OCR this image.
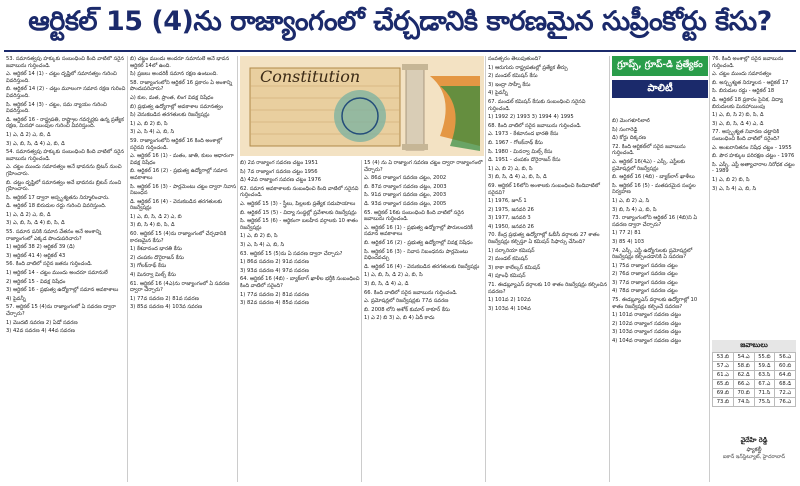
ఆర్టికల్ 15 (4)ను రాజ్యాంగంలో చేర్చడానికి కారణమైన సుప్రీంకోర్టు కేసు?

53. సమానత్వపు హక్కుకు సంబంధించి కింది వాటిలో సరైన జవాబును గుర్తించండి.

ఎ. ఆర్టికల్ 14 (1) - చట్టం దృష్టిలో సమానత్వం గురించి వివరిస్తుంది.

బి. ఆర్టికల్ 14 (2) - చట్టం మూలంగా సమాన రక్షణ గురించి వివరిస్తుంది.

సి. ఆర్టికల్ 14 (3) - చట్టం, సమ న్యాయం గురించి వివరిస్తుంది.

డి. ఆర్టికల్ 16 - రాష్ట్రపతి, రాష్ట్రాల గవర్నర్లకు ఉన్న ప్రత్యేక రక్షణ, మినహా యింపుల గురించి వివరిస్తుంది.

1) ఎ, డి 2) ఎ, బి, డి

3) ఎ, బి, సి, డి 4) ఎ, బి, డి

54. సమానత్వపు హక్కుకు సంబంధించి కింది వాటిలో సరైన జవాబును గుర్తించండి.

ఎ. చట్టం ముందు సమానత్వం అనే భావనను బ్రిటన్ నుంచి గ్రహించారు.

బి. చట్టం దృష్టిలో సమానత్వం అనే భావనను బ్రిటన్ నుంచి గ్రహించారు.

సి. ఆర్టికల్ 17 ద్వారా అస్పృశ్యతను నిర్మూలించారు.

డి. ఆర్టికల్ 18 బిరుదుల రద్దు గురించి వివరిస్తుంది.

1) ఎ, డి 2) ఎ, బి, డి

3) ఎ, బి, సి, డి 4) బి, సి, డి

55. సమాన పనికి సమాన వేతనం అనే అంశాన్ని రాజ్యాంగంలో ఎక్కడ పొందుపరిచారు?

1) ఆర్టికల్ 38 2) ఆర్టికల్ 39 (డి)

3) ఆర్టికల్ 41 4) ఆర్టికల్ 43

56. కింది వాటిలో సరైన జతను గుర్తించండి.

1) ఆర్టికల్ 14 - చట్టం ముందు అందరూ సమానులే

2) ఆర్టికల్ 15 - వివక్ష నిషేధం

3) ఆర్టికల్ 16 - ప్రభుత్వ ఉద్యోగాల్లో సమాన అవకాశాలు

4) పైవన్నీ

57. ఆర్టికల్ 15 (4)ను రాజ్యాంగంలో ఏ సవరణ ద్వారా చేర్చారు?

1) మొదటి సవరణ 2) ఏడో సవరణ

3) 42వ సవరణ 4) 44వ సవరణ

బి) చట్టం ముందు అందరూ సమానులే అనే భావన ఆర్టికల్ 14లో ఉంది.

సి) ప్రజలు అందరికీ సమాన రక్షణ ఉంటుంది.

58. రాజ్యాంగంలోని ఆర్టికల్ 16 ప్రకారం ఏ అంశాన్ని పొందుపరిచారు?

ఎ) కుల, మత, ప్రాంత, లింగ వివక్ష నిషేధం

బి) ప్రభుత్వ ఉద్యోగాల్లో అవకాశాల సమానత్వం

సి) వెనుకబడిన తరగతులకు రిజర్వేషన్లు

1) ఎ, బి 2) బి, సి

3) ఎ, సి 4) ఎ, బి, సి

59. రాజ్యాంగంలోని ఆర్టికల్ 16 కింది అంశాల్లో సరైనవి గుర్తించండి.

ఎ. ఆర్టికల్ 16 (1) - మతం, జాతి, కులం ఆధారంగా వివక్ష నిషేధం

బి. ఆర్టికల్ 16 (2) - ప్రభుత్వ ఉద్యోగాల్లో సమాన అవకాశాలు

సి. ఆర్టికల్ 16 (3) - పార్లమెంటు చట్టం ద్వారా నివాస నిబంధన

డి. ఆర్టికల్ 16 (4) - వెనుకబడిన తరగతులకు రిజర్వేషన్లు

1) ఎ, బి, సి, డి 2) ఎ, బి

3) బి, సి 4) బి, సి, డి

60. ఆర్టికల్ 15 (4)ను రాజ్యాంగంలో చేర్చడానికి కారణమైన కేసు?

1) కేశవానంద భారతి కేసు

2) చంపకం దొరైరాజన్ కేసు

3) గోలక్‌నాథ్ కేసు

4) మినర్వా మిల్స్ కేసు

61. ఆర్టికల్ 16 (4ఎ)ను రాజ్యాంగంలో ఏ సవరణ ద్వారా చేర్చారు?

1) 77వ సవరణ 2) 81వ సవరణ

3) 85వ సవరణ 4) 103వ సవరణ

Constitution

బి) 2వ రాజ్యాంగ సవరణ చట్టం 1951

సి) 7వ రాజ్యాంగ సవరణ చట్టం 1956

డి) 42వ రాజ్యాంగ సవరణ చట్టం 1976

62. సమాన అవకాశాలకు సంబంధించి కింది వాటిలో సరైనవి గుర్తించండి.

ఎ. ఆర్టికల్ 15 (3) - స్త్రీలు, పిల్లలకు ప్రత్యేక సదుపాయాలు

బి. ఆర్టికల్ 15 (5) - విద్యా సంస్థల్లో ప్రవేశాలకు రిజర్వేషన్లు

సి. ఆర్టికల్ 15 (6) - ఆర్థికంగా బలహీన వర్గాలకు 10 శాతం రిజర్వేషన్లు

1) ఎ, బి 2) బి, సి

3) ఎ, సి 4) ఎ, బి, సి

63. ఆర్టికల్ 15 (5)ను ఏ సవరణ ద్వారా చేర్చారు?

1) 86వ సవరణ 2) 91వ సవరణ

3) 93వ సవరణ 4) 97వ సవరణ

64. ఆర్టికల్ 16 (4బి) - బ్యాక్‌లాగ్ ఖాళీల భర్తీకి సంబంధించి కింది వాటిలో సరైంది?

1) 77వ సవరణ 2) 81వ సవరణ

3) 82వ సవరణ 4) 85వ సవరణ

15 (4) ను ఏ రాజ్యాంగ సవరణ చట్టం ద్వారా రాజ్యాంగంలో చేర్చారు?

ఎ. 86వ రాజ్యాంగ సవరణ చట్టం, 2002

బి. 87వ రాజ్యాంగ సవరణ చట్టం, 2003

సి. 91వ రాజ్యాంగ సవరణ చట్టం, 2003

డి. 93వ రాజ్యాంగ సవరణ చట్టం, 2005

65. ఆర్టికల్ 16కు సంబంధించి కింది వాటిలో సరైన జవాబును గుర్తించండి.

ఎ. ఆర్టికల్ 16 (1) - ప్రభుత్వ ఉద్యోగాల్లో పౌరులందరికీ సమాన అవకాశాలు

బి. ఆర్టికల్ 16 (2) - ప్రభుత్వ ఉద్యోగాల్లో వివక్ష నిషేధం

సి. ఆర్టికల్ 16 (3) - నివాస నిబంధనను పార్లమెంటు విధించవచ్చు

డి. ఆర్టికల్ 16 (4) - వెనుకబడిన తరగతులకు రిజర్వేషన్లు

1) ఎ, బి, సి, డి 2) ఎ, బి, సి

3) బి, సి, డి 4) ఎ, డి

66. కింది వాటిలో సరైన జవాబును గుర్తించండి.

ఎ. ప్రమోషన్లలో రిజర్వేషన్లకు 77వ సవరణ

బి. 2008 లోని అశోక్ కుమార్ ఠాకూర్ కేసు

1) ఎ 2) బి 3) ఎ, బి 4) ఏదీ కాదు

సంవత్సరం తెలుపుతుంది?

1) ఆరుగురు రాష్ట్రపతుల్లో ప్రత్యేక తీర్పు

2) మండల్ కమిషన్ కేసు

3) ఇంద్రా సాహ్నీ కేసు

4) పైవన్నీ

67. మండల్ కమిషన్ కేసుకు సంబంధించి సరైనవి గుర్తించండి.

1) 1992 2) 1993 3) 1994 4) 1995

68. కింది వాటిలో సరైన జవాబును గుర్తించండి.

ఎ. 1973 - కేశవానంద భారతి కేసు

బి. 1967 - గోలక్‌నాథ్ కేసు

సి. 1980 - మినర్వా మిల్స్ కేసు

డి. 1951 - చంపకం దొరైరాజన్ కేసు

1) ఎ, బి 2) ఎ, బి, సి

3) బి, సి, డి 4) ఎ, బి, సి, డి

69. ఆర్టికల్ 16లోని అంశాలకు సంబంధించి కిందివాటిలో సరైనవి?

1) 1976, జూన్ 1

2) 1975, జనవరి 26

3) 1977, జనవరి 3

4) 1950, జనవరి 26

70. కేంద్ర ప్రభుత్వ ఉద్యోగాల్లో ఓబీసీ వర్గాలకు 27 శాతం రిజర్వేషన్లు కల్పిస్తూ ఏ కమిషన్ సిఫార్సు చేసింది?

1) సర్కారియా కమిషన్

2) మండల్ కమిషన్

3) కాకా కాలేల్కర్ కమిషన్

4) పూంఛీ కమిషన్

71. ఈడబ్ల్యూఎస్ వర్గాలకు 10 శాతం రిజర్వేషన్లు కల్పించిన సవరణ?

1) 101వ 2) 102వ

3) 103వ 4) 104వ

గ్రూప్స్, గ్రూప్-డి ప్రత్యేకం
పాలిటీ

బి) మెంగళూర్‌లాల్

సి) సంగారెడ్డి

డి) కోర్టు దిక్కరణ

72. కింది ఆర్టికల్‌లో సరైన జవాబును గుర్తించండి.

ఎ. ఆర్టికల్ 16(4ఎ) - ఎస్సీ, ఎస్టీలకు ప్రమోషన్లలో రిజర్వేషన్లు

బి. ఆర్టికల్ 16 (4బి) - బ్యాక్‌లాగ్ ఖాళీలు

సి. ఆర్టికల్ 16 (5) - మతపరమైన సంస్థల నిర్వహణ

1) ఎ, బి 2) ఎ, సి

3) బి, సి 4) ఎ, బి, సి

73. రాజ్యాంగంలోని ఆర్టికల్ 16 (4బి)ని ఏ సవరణ ద్వారా చేర్చారు?

1) 77 2) 81

3) 85 4) 103

74. ఎస్సీ, ఎస్టీ ఉద్యోగులకు ప్రమోషన్లలో రిజర్వేషన్లు కల్పించడానికి ఏ సవరణ?

1) 75వ రాజ్యాంగ సవరణ చట్టం

2) 76వ రాజ్యాంగ సవరణ చట్టం

3) 77వ రాజ్యాంగ సవరణ చట్టం

4) 78వ రాజ్యాంగ సవరణ చట్టం

75. ఈడబ్ల్యూఎస్ వర్గాలకు ఉద్యోగాల్లో 10 శాతం రిజర్వేషన్లు కల్పించే సవరణ?

1) 101వ రాజ్యాంగ సవరణ చట్టం

2) 102వ రాజ్యాంగ సవరణ చట్టం

3) 103వ రాజ్యాంగ సవరణ చట్టం

4) 104వ రాజ్యాంగ సవరణ చట్టం

76. కింది అంశాల్లో సరైన జవాబును గుర్తించండి.

ఎ. చట్టం ముందు సమానత్వం

బి. అస్పృశ్యత నిర్మూలన - ఆర్టికల్ 17

సి. బిరుదుల రద్దు - ఆర్టికల్ 18

డి. ఆర్టికల్ 18 ప్రకారం సైనిక, విద్యా బిరుదులకు మినహాయింపు

1) ఎ, బి, సి 2) బి, సి, డి

3) ఎ, బి, సి, డి 4) ఎ, డి

77. అస్పృశ్యత నివారణ చట్టానికి సంబంధించి కింది వాటిలో సరైంది?

ఎ. అంటరానితనం నిషేధ చట్టం - 1955

బి. పౌర హక్కుల పరిరక్షణ చట్టం - 1976

సి. ఎస్సీ, ఎస్టీ అత్యాచారాల నిరోధక చట్టం - 1989

1) ఎ, బి 2) బి, సి

3) ఎ, సి 4) ఎ, బి, సి

జవాబులు
53.బి	54.ఎ	55.బి	56.ఎ
57.ఎ	58.బి	59.డి	60.బి
61.ఎ	62.డి	63.సి	64.బి
65.బి	66.ఎ	67.ఎ	68.డి
69.బి	70.బి	71.సి	72.ఎ
73.బి	74.సి	75.సి	76.ఎ
వైదేహి రెడ్డి
ఫ్యాకల్టీ
ఐకాన్ ఇన్‌స్టిట్యూట్, హైదరాబాద్
